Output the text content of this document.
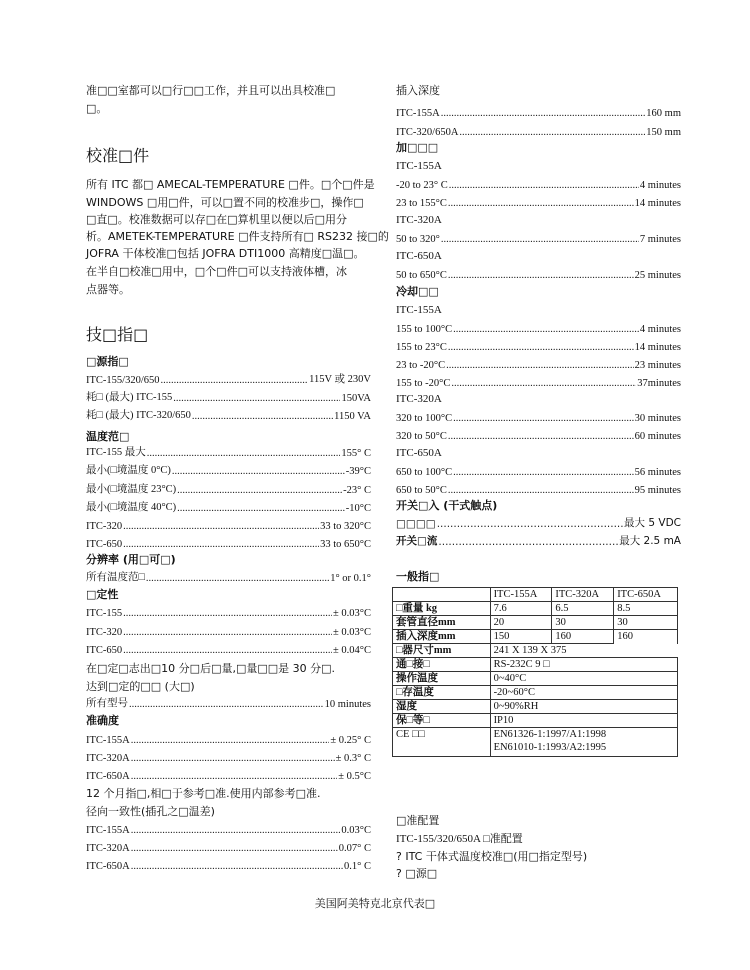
准□□室都可以□行□□工作，并且可以出具校准□
□。
校准□件
所有 ITC 都□ AMECAL-TEMPERATURE □件。□个□件是
WINDOWS □用□件，可以□置不同的校准步□，操作□
□直□。校准数据可以存□在□算机里以便以后□用分
析。AMETEK-TEMPERATURE □件支持所有□ RS232 接□的
JOFRA 干体校准□包括 JOFRA DTI1000 高精度□温□。
在半自□校准□用中，□个□件□可以支持液体槽，冰
点器等。
技□指□
□源指□
ITC-155/320/650 .....	115V 或 230V
耗□ (最大) ITC-155 .....	150VA
耗□ (最大) ITC-320/650 .....	1150 VA
温度范□
ITC-155 最大 .....	155° C
最小(□境温度 0°C) .....	-39°C
最小(□境温度 23°C) .....	-23° C
最小(□境温度 40°C) .....	-10°C
ITC-320 .....	33 to 320°C
ITC-650 .....	33 to 650°C
分辨率 (用□可□)
所有温度范□ .....	1° or 0.1°
□定性
ITC-155 .....	± 0.03°C
ITC-320 .....	± 0.03°C
ITC-650 .....	± 0.04°C
在□定□志出□10 分□后□量,□量□□是 30 分□.
达到□定的□□ (大□)
所有型号 .....	10 minutes
准确度
ITC-155A .....	± 0.25° C
ITC-320A .....	± 0.3° C
ITC-650A .....	± 0.5°C
12 个月指□,相□于参考□准.使用内部参考□准.
径向一致性(插孔之□温差)
ITC-155A .....	0.03°C
ITC-320A .....	0.07° C
ITC-650A .....	0.1° C
插入深度
ITC-155A .....	160 mm
ITC-320/650A .....	150 mm
加□□□
ITC-155A
-20 to 23° C .....	4 minutes
23 to 155°C .....	14 minutes
ITC-320A
50 to 320° .....	7 minutes
ITC-650A
50 to 650°C .....	25 minutes
冷却□□
ITC-155A
155 to 100°C .....	4 minutes
155 to 23°C .....	14 minutes
23 to -20°C .....	23 minutes
155 to -20°C .....	37minutes
ITC-320A
320 to 100°C .....	30 minutes
320 to 50°C .....	60 minutes
ITC-650A
650 to 100°C .....	56 minutes
650 to 50°C .....	95 minutes
开关□入 (干式触点)
□□□□ .....	最大 5 VDC
开关□流 .....	最大 2.5 mA
一般指□
	ITC-155A	ITC-320A	ITC-650A
□重量 kg	7.6	6.5	8.5
套管直径mm	20	30	30
插入深度mm	150	160	160
□器尺寸mm	241 X 139 X 375		
通□接□	RS-232C 9 □		
操作温度	0~40°C		
□存温度	-20~60°C		
湿度	0~90%RH		
保□等□	IP10		
CE □□	EN61326-1:1997/A1:1998
EN61010-1:1993/A2:1995		
□准配置
ITC-155/320/650A □准配置
? ITC 干体式温度校准□(用□指定型号)
? □源□
美国阿美特克北京代表□
